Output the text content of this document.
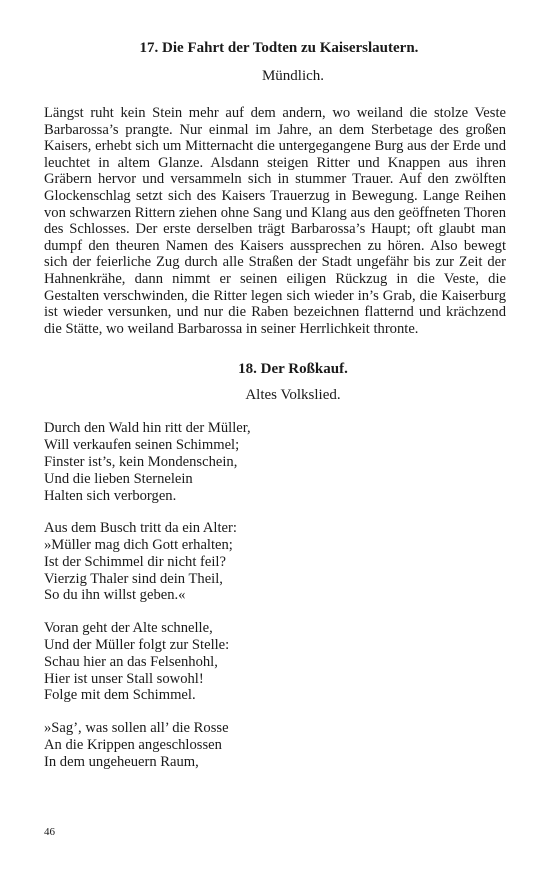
17. Die Fahrt der Todten zu Kaiserslautern.

Mündlich.

Längst ruht kein Stein mehr auf dem andern, wo weiland die stolze Veste Barbarossa’s prangte. Nur einmal im Jahre, an dem Sterbetage des großen Kaisers, erhebt sich um Mitternacht die untergegangene Burg aus der Erde und leuchtet in altem Glanze. Alsdann steigen Ritter und Knappen aus ihren Gräbern hervor und versammeln sich in stummer Trauer. Auf den zwölften Glockenschlag setzt sich des Kaisers Trauerzug in Bewegung. Lange Reihen von schwarzen Rittern ziehen ohne Sang und Klang aus den geöffneten Thoren des Schlosses. Der erste derselben trägt Barbarossa’s Haupt; oft glaubt man dumpf den theuren Namen des Kaisers aussprechen zu hören. Also bewegt sich der feierliche Zug durch alle Straßen der Stadt ungefähr bis zur Zeit der Hahnenkrähe, dann nimmt er seinen eiligen Rückzug in die Veste, die Gestalten verschwinden, die Ritter legen sich wieder in’s Grab, die Kaiserburg ist wieder versunken, und nur die Raben bezeichnen flatternd und krächzend die Stätte, wo weiland Barbarossa in seiner Herrlichkeit thronte.

18. Der Roßkauf.

Altes Volkslied.

Durch den Wald hin ritt der Müller,
Will verkaufen seinen Schimmel;
Finster ist’s, kein Mondenschein,
Und die lieben Sternelein
Halten sich verborgen.
Aus dem Busch tritt da ein Alter:
»Müller mag dich Gott erhalten;
Ist der Schimmel dir nicht feil?
Vierzig Thaler sind dein Theil,
So du ihn willst geben.«
Voran geht der Alte schnelle,
Und der Müller folgt zur Stelle:
Schau hier an das Felsenhohl,
Hier ist unser Stall sowohl!
Folge mit dem Schimmel.
»Sag’, was sollen all’ die Rosse
An die Krippen angeschlossen
In dem ungeheuern Raum,
46
